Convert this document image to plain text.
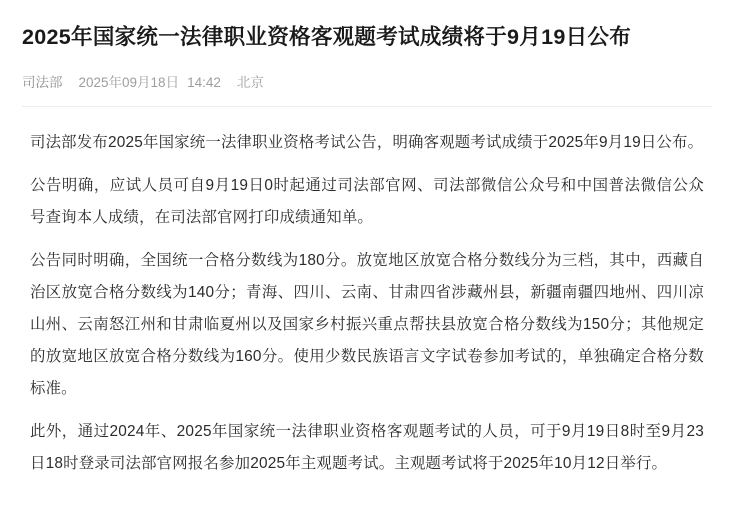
2025年国家统一法律职业资格客观题考试成绩将于9月19日公布
司法部 2025年09月18日 14:42 北京

司法部发布2025年国家统一法律职业资格考试公告，明确客观题考试成绩于2025年9月19日公布。

公告明确，应试人员可自9月19日0时起通过司法部官网、司法部微信公众号和中国普法微信公众号查询本人成绩，在司法部官网打印成绩通知单。

公告同时明确，全国统一合格分数线为180分。放宽地区放宽合格分数线分为三档，其中，西藏自治区放宽合格分数线为140分；青海、四川、云南、甘肃四省涉藏州县，新疆南疆四地州、四川凉山州、云南怒江州和甘肃临夏州以及国家乡村振兴重点帮扶县放宽合格分数线为150分；其他规定的放宽地区放宽合格分数线为160分。使用少数民族语言文字试卷参加考试的，单独确定合格分数标准。

此外，通过2024年、2025年国家统一法律职业资格客观题考试的人员，可于9月19日8时至9月23日18时登录司法部官网报名参加2025年主观题考试。主观题考试将于2025年10月12日举行。
